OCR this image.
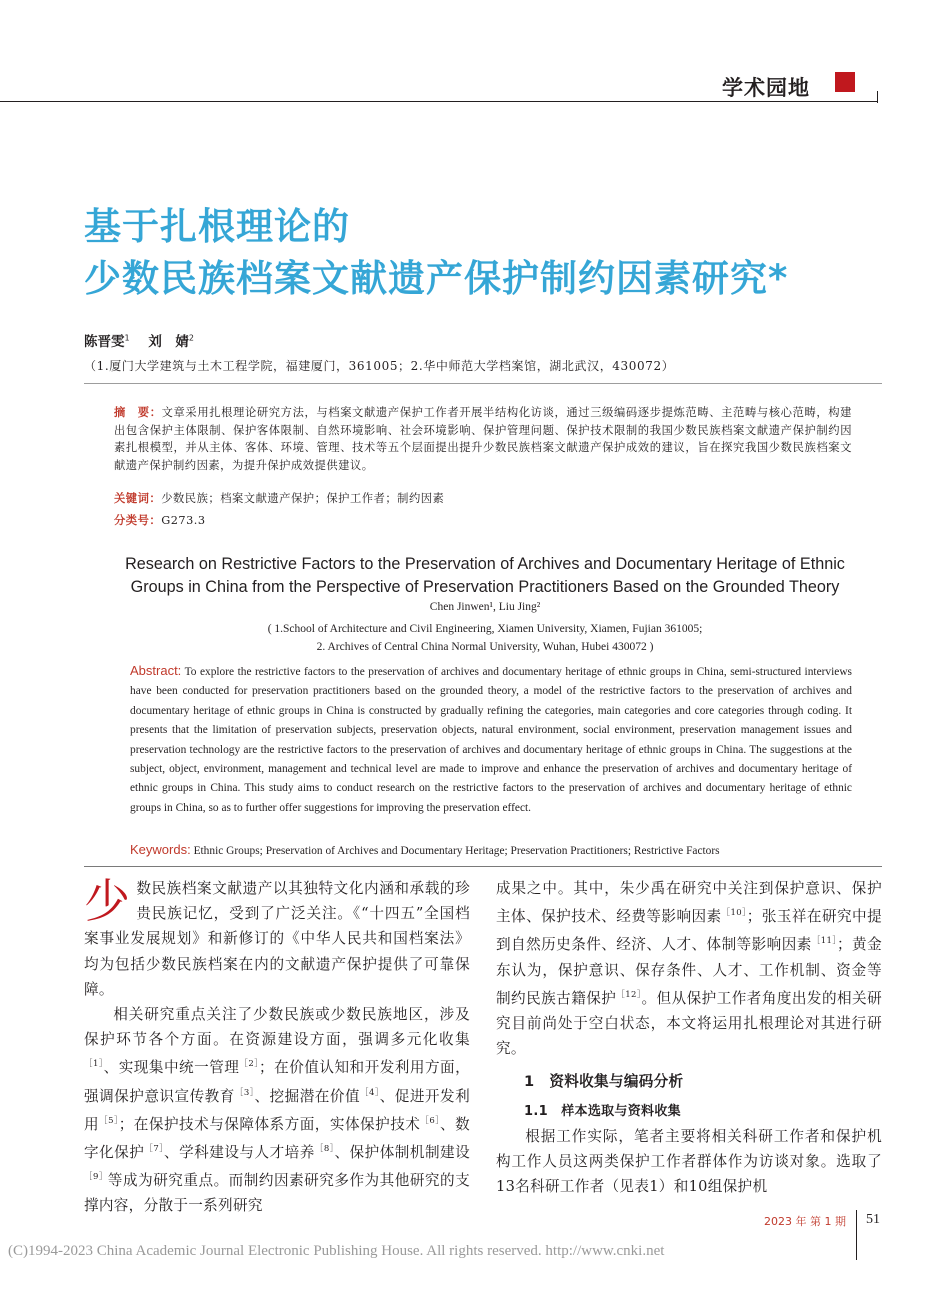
学术园地
基于扎根理论的
少数民族档案文献遗产保护制约因素研究*
陈晋雯$^1$ 刘　婧$^2$
（1.厦门大学建筑与土木工程学院，福建厦门，361005；2.华中师范大学档案馆，湖北武汉，430072）
摘　要：文章采用扎根理论研究方法，与档案文献遗产保护工作者开展半结构化访谈，通过三级编码逐步提炼范畴、主范畴与核心范畴，构建出包含保护主体限制、保护客体限制、自然环境影响、社会环境影响、保护管理问题、保护技术限制的我国少数民族档案文献遗产保护制约因素扎根模型，并从主体、客体、环境、管理、技术等五个层面提出提升少数民族档案文献遗产保护成效的建议，旨在探究我国少数民族档案文献遗产保护制约因素，为提升保护成效提供建议。
关键词：少数民族；档案文献遗产保护；保护工作者；制约因素
分类号：G273.3
Research on Restrictive Factors to the Preservation of Archives and Documentary Heritage of Ethnic
Groups in China from the Perspective of Preservation Practitioners Based on the Grounded Theory
Chen Jinwen¹, Liu Jing²
( 1.School of Architecture and Civil Engineering, Xiamen University, Xiamen, Fujian 361005;
2. Archives of Central China Normal University, Wuhan, Hubei 430072 )
Abstract: To explore the restrictive factors to the preservation of archives and documentary heritage of ethnic groups in China, semi-structured interviews have been conducted for preservation practitioners based on the grounded theory, a model of the restrictive factors to the preservation of archives and documentary heritage of ethnic groups in China is constructed by gradually refining the categories, main categories and core categories through coding. It presents that the limitation of preservation subjects, preservation objects, natural environment, social environment, preservation management issues and preservation technology are the restrictive factors to the preservation of archives and documentary heritage of ethnic groups in China. The suggestions at the subject, object, environment, management and technical level are made to improve and enhance the preservation of archives and documentary heritage of ethnic groups in China. This study aims to conduct research on the restrictive factors to the preservation of archives and documentary heritage of ethnic groups in China, so as to further offer suggestions for improving the preservation effect.
Keywords: Ethnic Groups; Preservation of Archives and Documentary Heritage; Preservation Practitioners; Restrictive Factors

少数民族档案文献遗产以其独特文化内涵和承载的珍贵民族记忆，受到了广泛关注。《“十四五”全国档案事业发展规划》和新修订的《中华人民共和国档案法》均为包括少数民族档案在内的文献遗产保护提供了可靠保障。

相关研究重点关注了少数民族或少数民族地区，涉及保护环节各个方面。在资源建设方面，强调多元化收集$^{[1]}$、实现集中统一管理$^{[2]}$；在价值认知和开发利用方面，强调保护意识宣传教育$^{[3]}$、挖掘潜在价值$^{[4]}$、促进开发利用$^{[5]}$；在保护技术与保障体系方面，实体保护技术$^{[6]}$、数字化保护$^{[7]}$、学科建设与人才培养$^{[8]}$、保护体制机制建设$^{[9]}$等成为研究重点。而制约因素研究多作为其他研究的支撑内容，分散于一系列研究

成果之中。其中，朱少禹在研究中关注到保护意识、保护主体、保护技术、经费等影响因素$^{[10]}$；张玉祥在研究中提到自然历史条件、经济、人才、体制等影响因素$^{[11]}$；黄金东认为，保护意识、保存条件、人才、工作机制、资金等制约民族古籍保护$^{[12]}$。但从保护工作者角度出发的相关研究目前尚处于空白状态，本文将运用扎根理论对其进行研究。

1　资料收集与编码分析
1.1　样本选取与资料收集

根据工作实际，笔者主要将相关科研工作者和保护机构工作人员这两类保护工作者群体作为访谈对象。选取了13名科研工作者（见表1）和10组保护机

2023 年 第 1 期 51
(C)1994-2023 China Academic Journal Electronic Publishing House. All rights reserved. http://www.cnki.net
